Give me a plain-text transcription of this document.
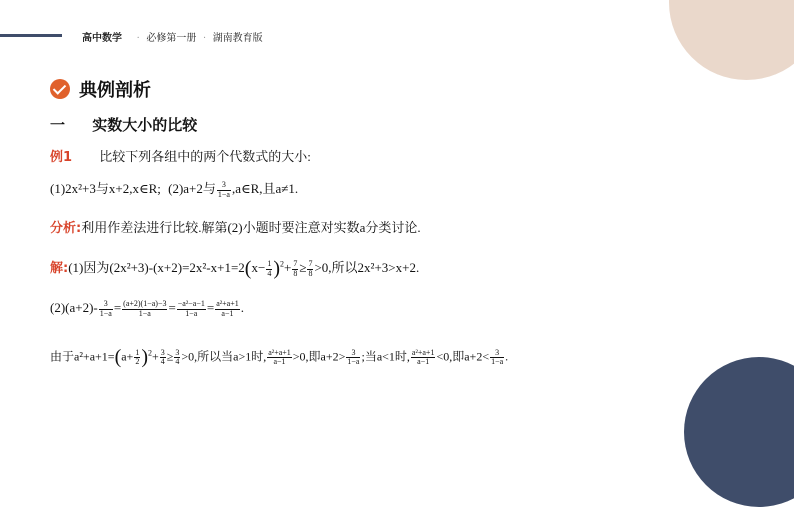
高中数学 · 必修第一册 · 湖南教育版
典例剖析
一 实数大小的比较
例1 比较下列各组中的两个代数式的大小:
(1)2x²+3与x+2,x∈R; (2)a+2与 $\frac{3}{1-a}$ ,a∈R,且a≠1.
分析:利用作差法进行比较.解第(2)小题时要注意对实数a分类讨论.
解:(1)因为$(2x^2+3)-(x+2)=2x^2-x+1=2(x- \frac{1}{4} )^2+ \frac{7}{8} \ge \frac{7}{8} >0$,所以2x²+3>x+2.
$(2)(a+2)- \frac{3}{1-a} = \frac{(a+2)(1-a)-3}{1-a} = \frac{\text{−a²−a−1}}{1-a} = \frac{\text{a²+a+1}}{a-1}$ .
由于$a^2+a+1=(a+ \frac{1}{2} )^2+ \frac{3}{4} \ge \frac{3}{4} >0$,所以当a>1时, $\frac{\text{a²+a+1}}{a-1} >0$,即$a+2> \frac{3}{1-a}$ ;当a<1时, $\frac{\text{a²+a+1}}{a-1} <0$,即$a+2< \frac{3}{1-a}$ .
